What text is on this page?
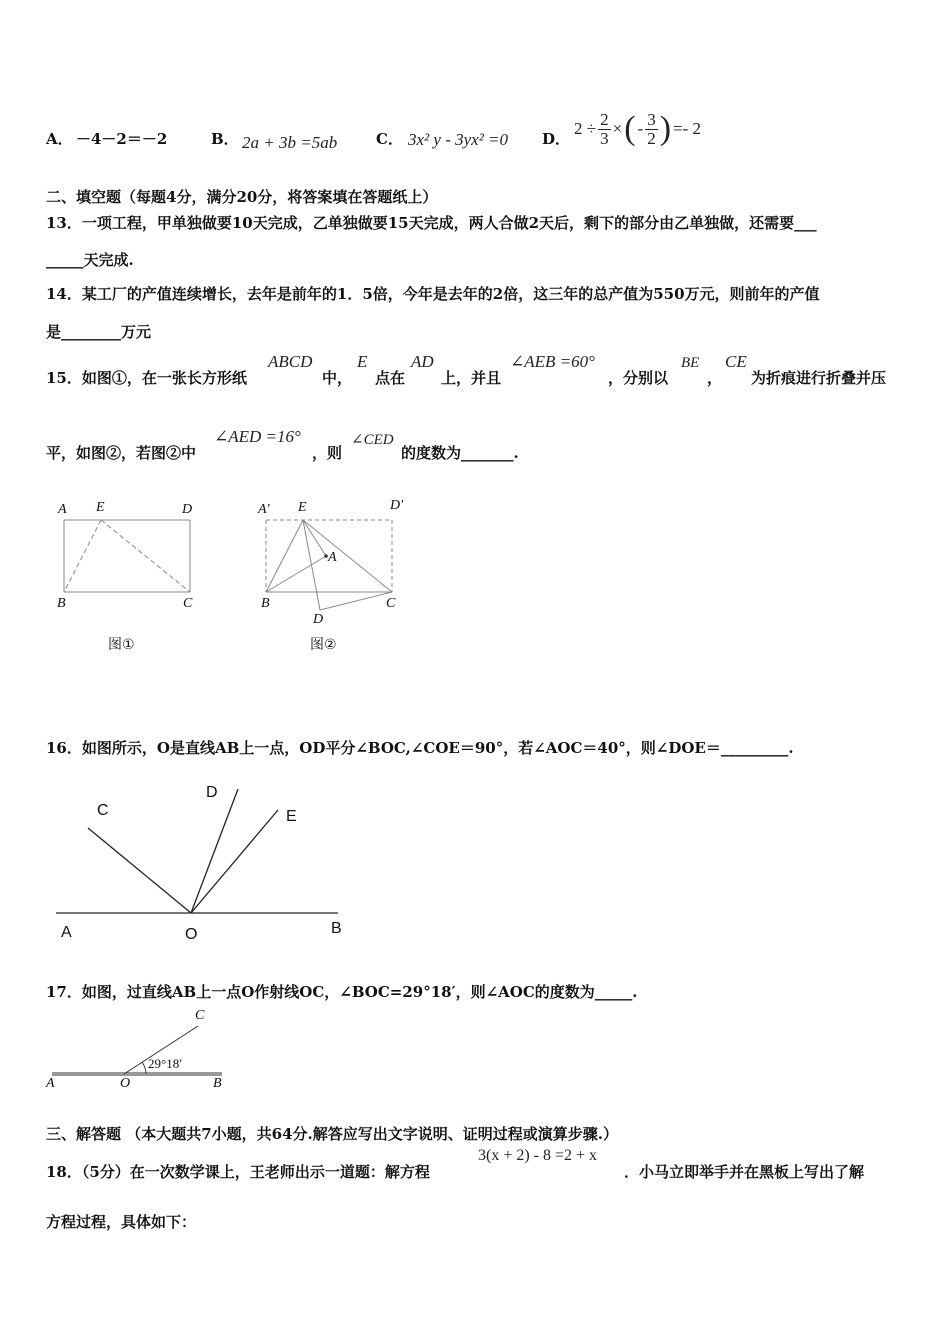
A． －4－2＝－2	B． 2a + 3b =5ab	C． 3x² y - 3yx² =0 D．
$2 \div \frac{2}{3}$ × ( - $\frac{3}{2}$ ) =- 2
二、填空题（每题4分，满分20分，将答案填在答题纸上）
13．一项工程，甲单独做要10天完成，乙单独做要15天完成，两人合做2天后，剩下的部分由乙单独做，还需要___
_____天完成.
14．某工厂的产值连续增长，去年是前年的1．5倍，今年是去年的2倍，这三年的总产值为550万元，则前年的产值
是________万元
15．如图①，在一张长方形纸
ABCD
中，
E
点在
AD
上，并且
∠AEB =60°
，分别以
BE
，
CE
为折痕进行折叠并压
平，如图②，若图②中
∠AED =16°
，则
∠CED
的度数为_______.
A E	D
B	C
图①
A′ E	D′
A
B	C
D
图②
16．如图所示，O是直线AB上一点，OD平分∠BOC,∠COE＝90°，若∠AOC＝40°，则∠DOE＝_________.
C
D
E
A	O	B
17．如图，过直线AB上一点O作射线OC，∠BOC=29°18′，则∠AOC的度数为_____.
C
A	O	B
29°18′
三、解答题 （本大题共7小题，共64分.解答应写出文字说明、证明过程或演算步骤.）
18．（5分）在一次数学课上，王老师出示一道题：解方程
3(x + 2) - 8 =2 + x
．小马立即举手并在黑板上写出了解
方程过程，具体如下：
